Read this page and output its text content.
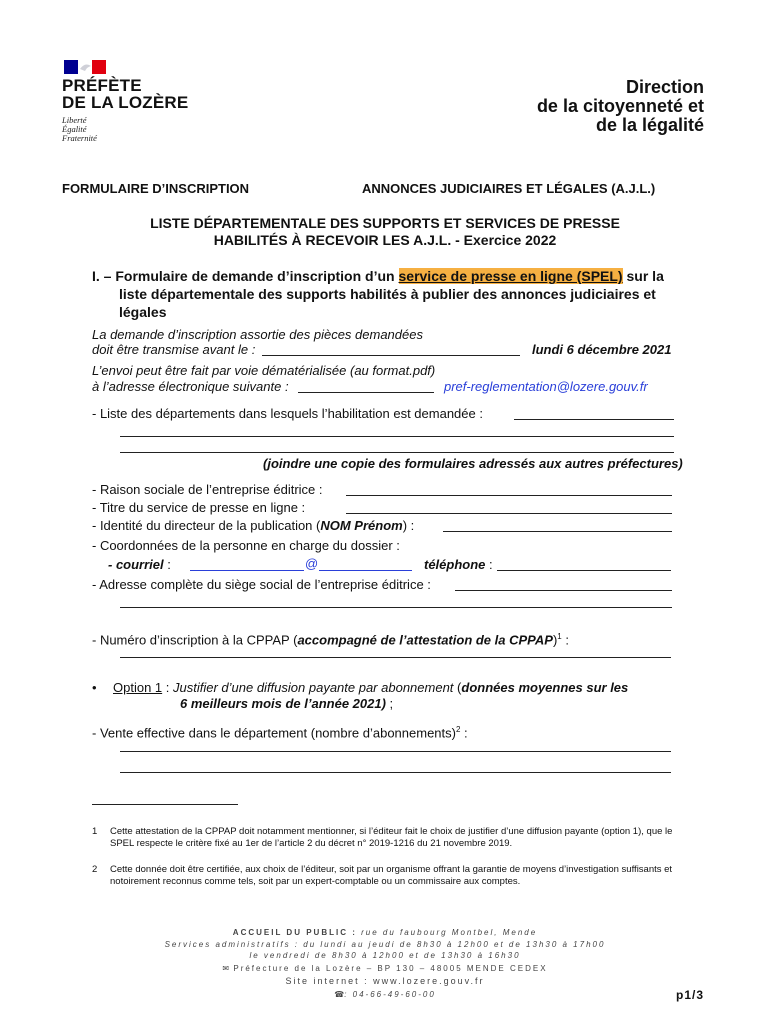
PRÉFÈTE
DE LA LOZÈRE
Liberté
Égalité
Fraternité
Direction
de la citoyenneté et
de la légalité
FORMULAIRE D’INSCRIPTION	ANNONCES JUDICIAIRES ET LÉGALES (A.J.L.)
LISTE DÉPARTEMENTALE DES SUPPORTS ET SERVICES DE PRESSE
HABILITÉS À RECEVOIR LES A.J.L. - Exercice 2022
I. – Formulaire de demande d’inscription d’un service de presse en ligne (SPEL) sur la
liste départementale des supports habilités à publier des annonces judiciaires et
légales
La demande d’inscription assortie des pièces demandées
doit être transmise avant le :	lundi 6 décembre 2021
L’envoi peut être fait par voie dématérialisée (au format.pdf)
à l’adresse électronique suivante :	pref-reglementation@lozere.gouv.fr
- Liste des départements dans lesquels l’habilitation est demandée :
(joindre une copie des formulaires adressés aux autres préfectures)
- Raison sociale de l’entreprise éditrice :
- Titre du service de presse en ligne :
- Identité du directeur de la publication (NOM Prénom) :
- Coordonnées de la personne en charge du dossier :
- courriel :	@	téléphone :
- Adresse complète du siège social de l’entreprise éditrice :
- Numéro d’inscription à la CPPAP (accompagné de l’attestation de la CPPAP)$^1$ :
• Option 1 : Justifier d’une diffusion payante par abonnement (données moyennes sur les
6 meilleurs mois de l’année 2021) ;
- Vente effective dans le département (nombre d’abonnements)$^2$ :
1 Cette attestation de la CPPAP doit notamment mentionner, si l’éditeur fait le choix de justifier d’une diffusion payante (option 1), que le SPEL respecte le critère fixé au 1er de l’article 2 du décret n° 2019-1216 du 21 novembre 2019.
2 Cette donnée doit être certifiée, aux choix de l’éditeur, soit par un organisme offrant la garantie de moyens d’investigation suffisants et notoirement reconnus comme tels, soit par un expert-comptable ou un commissaire aux comptes.
ACCUEIL DU PUBLIC : rue du faubourg Montbel, Mende
Services administratifs : du lundi au jeudi de 8h30 à 12h00 et de 13h30 à 17h00
le vendredi de 8h30 à 12h00 et de 13h30 à 16h30
✉ Préfecture de la Lozère – BP 130 – 48005 MENDE CEDEX
Site internet : www.lozere.gouv.fr
☎: 04-66-49-60-00	p1/3
